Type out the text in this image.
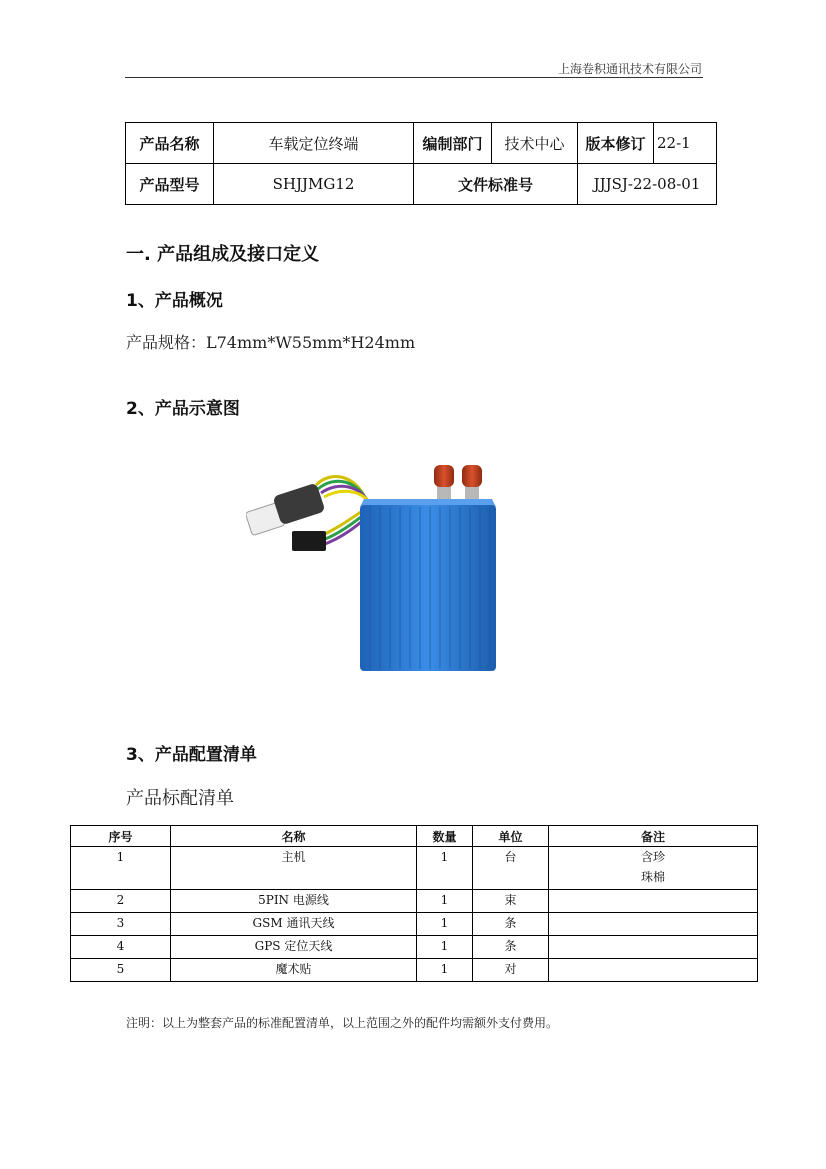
上海卷积通讯技术有限公司
产品名称	车载定位终端	编制部门	技术中心	版本修订	22-1
产品型号	SHJJMG12	文件标准号		JJJSJ-22-08-01	
一. 产品组成及接口定义
1、产品概况
产品规格：L74mm*W55mm*H24mm
2、产品示意图
3、产品配置清单
产品标配清单
序号	名称	数量	单位	备注
1	主机	1	台	含珍
珠棉

2	5PIN 电源线	1	束	
3	GSM 通讯天线	1	条	
4	GPS 定位天线	1	条	
5	魔术贴	1	对	
注明：以上为整套产品的标准配置清单，以上范围之外的配件均需额外支付费用。
